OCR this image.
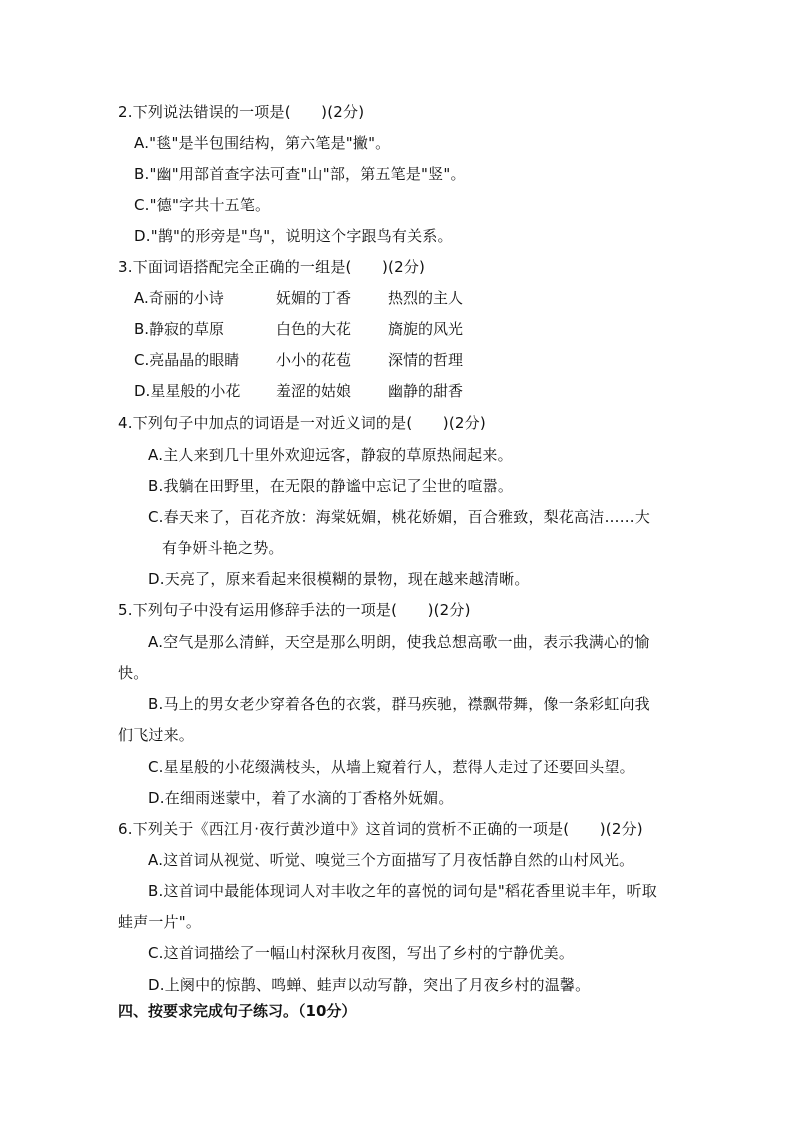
2.下列说法错误的一项是(　　)(2分)
A."毯"是半包围结构，第六笔是"撇"。
B."幽"用部首查字法可查"山"部，第五笔是"竖"。
C."德"字共十五笔。
D."鹊"的形旁是"鸟"，说明这个字跟鸟有关系。
3.下面词语搭配完全正确的一组是(　　)(2分)
A.奇丽的小诗	妩媚的丁香 热烈的主人
B.静寂的草原	白色的大花 旖旎的风光
C.亮晶晶的眼睛 小小的花苞 深情的哲理
D.星星般的小花 羞涩的姑娘 幽静的甜香
4.下列句子中加点的词语是一对近义词的是(　　)(2分)
A.主人来到几十里外欢迎远客，静寂的草原热闹起来。
B.我躺在田野里，在无限的静谧中忘记了尘世的喧嚣。
C.春天来了，百花齐放：海棠妩媚，桃花娇媚，百合雅致，梨花高洁……大
有争妍斗艳之势。
D.天亮了，原来看起来很模糊的景物，现在越来越清晰。
5.下列句子中没有运用修辞手法的一项是(　　)(2分)
A.空气是那么清鲜，天空是那么明朗，使我总想高歌一曲，表示我满心的愉
快。
B.马上的男女老少穿着各色的衣裳，群马疾驰，襟飘带舞，像一条彩虹向我
们飞过来。
C.星星般的小花缀满枝头，从墙上窥着行人，惹得人走过了还要回头望。
D.在细雨迷蒙中，着了水滴的丁香格外妩媚。
6.下列关于《西江月·夜行黄沙道中》这首词的赏析不正确的一项是(　　)(2分)
A.这首词从视觉、听觉、嗅觉三个方面描写了月夜恬静自然的山村风光。
B.这首词中最能体现词人对丰收之年的喜悦的词句是"稻花香里说丰年，听取
蛙声一片"。
C.这首词描绘了一幅山村深秋月夜图，写出了乡村的宁静优美。
D.上阕中的惊鹊、鸣蝉、蛙声以动写静，突出了月夜乡村的温馨。
四、按要求完成句子练习。（10分）
